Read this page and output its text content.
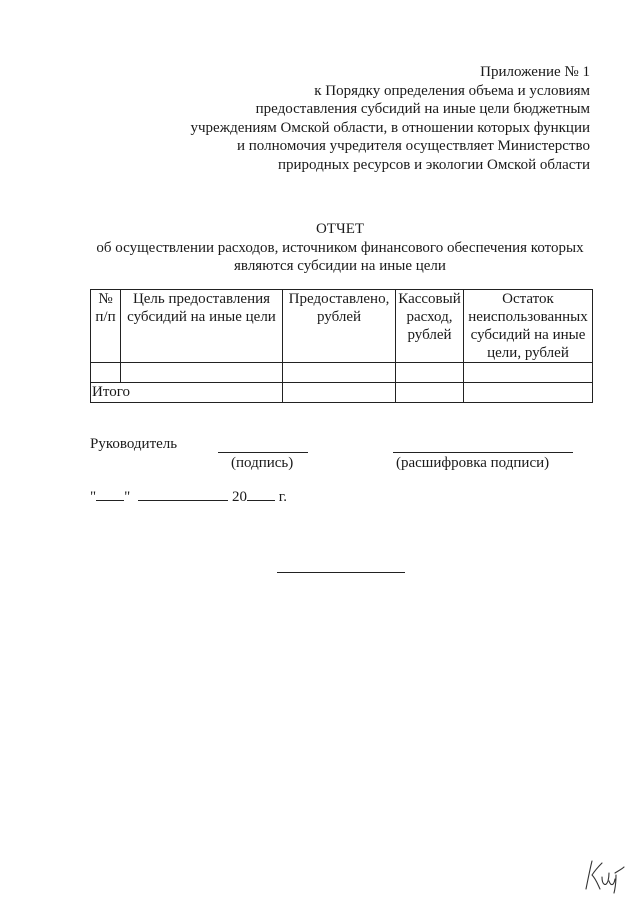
Приложение № 1
к Порядку определения объема и условиям
предоставления субсидий на иные цели бюджетным
учреждениям Омской области, в отношении которых функции
и полномочия учредителя осуществляет Министерство
природных ресурсов и экологии Омской области
ОТЧЕТ
об осуществлении расходов, источником финансового обеспечения которых
являются субсидии на иные цели
№ п/п	Цель предоставления субсидий на иные цели	Предоставлено, рублей	Кассовый расход, рублей	Остаток неиспользованных субсидий на иные цели, рублей

Итого				
Руководитель
(подпись)	(расшифровка подписи)
" "	20 г.
